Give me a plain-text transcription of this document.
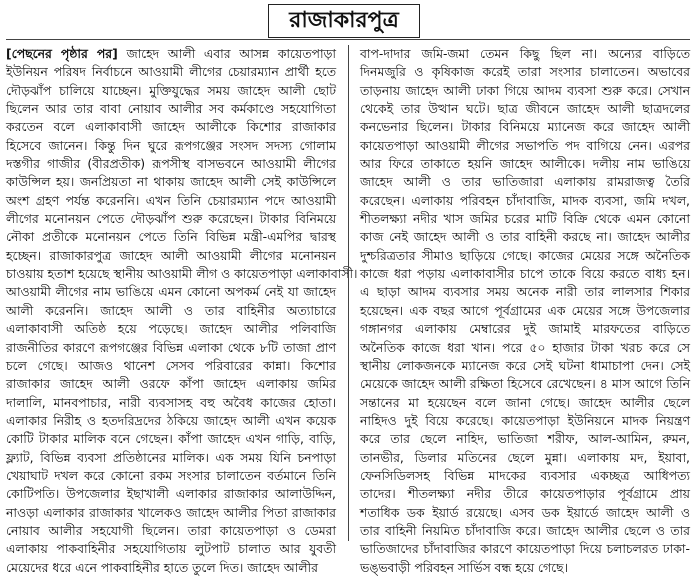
রাজাকারপুত্র
[পেছনের পৃষ্ঠার পর] জাহেদ আলী এবার আসন্ন কায়েতপাড়া
ইউনিয়ন পরিষদ নির্বাচনে আওয়ামী লীগের চেয়ারম্যান প্রার্থী হতে
দৌড়ঝাঁপ চালিয়ে যাচ্ছেন। মুক্তিযুদ্ধের সময় জাহেদ আলী ছোট
ছিলেন আর তার বাবা নোয়াব আলীর সব কর্মকাণ্ডে সহযোগিতা
করতেন বলে এলাকাবাসী জাহেদ আলীকে কিশোর রাজাকার
হিসেবে জানেন। কিন্তু দিন ঘুরে রূপগঞ্জের সংসদ সদস্য গোলাম
দস্তগীর গাজীর (বীরপ্রতীক) রূপসীস্থ বাসভবনে আওয়ামী লীগের
কাউন্সিল হয়। জনপ্রিয়তা না থাকায় জাহেদ আলী সেই কাউন্সিলে
অংশ গ্রহণ পর্যন্ত করেননি। এখন তিনি চেয়ারম্যান পদে আওয়ামী
লীগের মনোনয়ন পেতে দৌড়ঝাঁপ শুরু করেছেন। টাকার বিনিময়ে
নৌকা প্রতীকে মনোনয়ন পেতে তিনি বিভিন্ন মন্ত্রী-এমপির দ্বারস্থ
হচ্ছেন। রাজাকারপুত্র জাহেদ আলী আওয়ামী লীগের মনোনয়ন
চাওয়ায় হতাশ হয়েছে স্থানীয় আওয়ামী লীগ ও কায়েতপাড়া এলাকাবাসী।
আওয়ামী লীগের নাম ভাঙিয়ে এমন কোনো অপকর্ম নেই যা জাহেদ
আলী করেননি। জাহেদ আলী ও তার বাহিনীর অত্যাচারে
এলাকাবাসী অতিষ্ঠ হয়ে পড়েছে। জাহেদ আলীর পলিবাজি
রাজনীতির কারণে রূপগঞ্জের বিভিন্ন এলাকা থেকে ৮টি তাজা প্রাণ
চলে গেছে। আজও থানেশ সেসব পরিবারের কান্না। কিশোর
রাজাকার জাহেদ আলী ওরফে কাঁপা জাহেদ এলাকায় জমির
দালালি, মানবপাচার, নারী ব্যবসাসহ বহু অবৈধ কাজের হোতা।
এলাকার নিরীহ ও হতদরিদ্রদের ঠকিয়ে জাহেদ আলী এখন কয়েক
কোটি টাকার মালিক বনে গেছেন। কাঁপা জাহেদ এখন গাড়ি, বাড়ি,
ফ্ল্যাট, বিভিন্ন ব্যবসা প্রতিষ্ঠানের মালিক। এক সময় যিনি চনপাড়া
খেয়াঘাট দখল করে কোনো রকম সংসার চালাতেন বর্তমানে তিনি
কোটিপতি। উপজেলার ইছাখালী এলাকার রাজাকার আলাউদ্দিন,
নাওড়া এলাকার রাজাকার খালেকও জাহেদ আলীর পিতা রাজাকার
নোয়াব আলীর সহযোগী ছিলেন। তারা কায়েতপাড়া ও ডেমরা
এলাকায় পাকবাহিনীর সহযোগিতায় লুটপাট চালাত আর যুবতী
মেয়েদের ধরে এনে পাকবাহিনীর হাতে তুলে দিত। জাহেদ আলীর
বাপ-দাদার জমি-জমা তেমন কিছু ছিল না। অন্যের বাড়িতে
দিনমজুরি ও কৃষিকাজ করেই তারা সংসার চালাতেন। অভাবের
তাড়নায় জাহেদ আলী ঢাকা গিয়ে আদম ব্যবসা শুরু করে। সেখান
থেকেই তার উত্থান ঘটে। ছাত্র জীবনে জাহেদ আলী ছাত্রদলের
কনভেনার ছিলেন। টাকার বিনিময়ে ম্যানেজ করে জাহেদ আলী
কায়েতপাড়া আওয়ামী লীগের সভাপতি পদ বাগিয়ে নেন। এরপর
আর ফিরে তাকাতে হয়নি জাহেদ আলীকে। দলীয় নাম ভাঙিয়ে
জাহেদ আলী ও তার ভাতিজারা এলাকায় রামরাজত্ব তৈরি
করেছেন। এলাকায় পরিবহন চাঁদাবাজি, মাদক ব্যবসা, জমি দখল,
শীতলক্ষ্যা নদীর খাস জমির চরের মাটি বিক্রি থেকে এমন কোনো
কাজ নেই জাহেদ আলী ও তার বাহিনী করছে না। জাহেদ আলীর
দুশ্চরিত্রতার সীমাও ছাড়িয়ে গেছে। কাজের মেয়ের সঙ্গে অনৈতিক
কাজে ধরা পড়ায় এলাকাবাসীর চাপে তাকে বিয়ে করতে বাধ্য হন।
এ ছাড়া আদম ব্যবসার সময় অনেক নারী তার লালসার শিকার
হয়েছেন। এক বছর আগে পূর্বগ্রামের এক মেয়ের সঙ্গে উপজেলার
গঙ্গানগর এলাকায় মেম্বারের দুই জামাই মারফতের বাড়িতে
অনৈতিক কাজে ধরা খান। পরে ৫০ হাজার টাকা খরচ করে সে
স্থানীয় লোকজনকে ম্যানেজ করে সেই ঘটনা ধামাচাপা দেন। সেই
মেয়েকে জাহেদ আলী রক্ষিতা হিসেবে রেখেছেন। ৪ মাস আগে তিনি
সন্তানের মা হয়েছেন বলে জানা গেছে। জাহেদ আলীর ছেলে
নাহিদও দুই বিয়ে করেছে। কায়েতপাড়া ইউনিয়নে মাদক নিয়ন্ত্রণ
করে তার ছেলে নাহিদ, ভাতিজা শরীফ, আল-আমিন, রুমন,
তানভীর, ডিলার মতিনের ছেলে মুন্না। এলাকায় মদ, ইয়াবা,
ফেনসিডিলসহ বিভিন্ন মাদকের ব্যবসার একচ্ছত্র আধিপত্য
তাদের। শীতলক্ষ্যা নদীর তীরে কায়েতপাড়ার পূর্বগ্রামে প্রায়
শতাধিক ডক ইয়ার্ড রয়েছে। এসব ডক ইয়ার্ডে জাহেদ আলী ও
তার বাহিনী নিয়মিত চাঁদাবাজি করে। জাহেদ আলীর ছেলে ও তার
ভাতিজাদের চাঁদাবাজির কারণে কায়েতপাড়া দিয়ে চলাচলরত ঢাকা-
ভঙ্ভবাড়ী পরিবহন সার্ভিস বন্ধ হয়ে গেছে।
